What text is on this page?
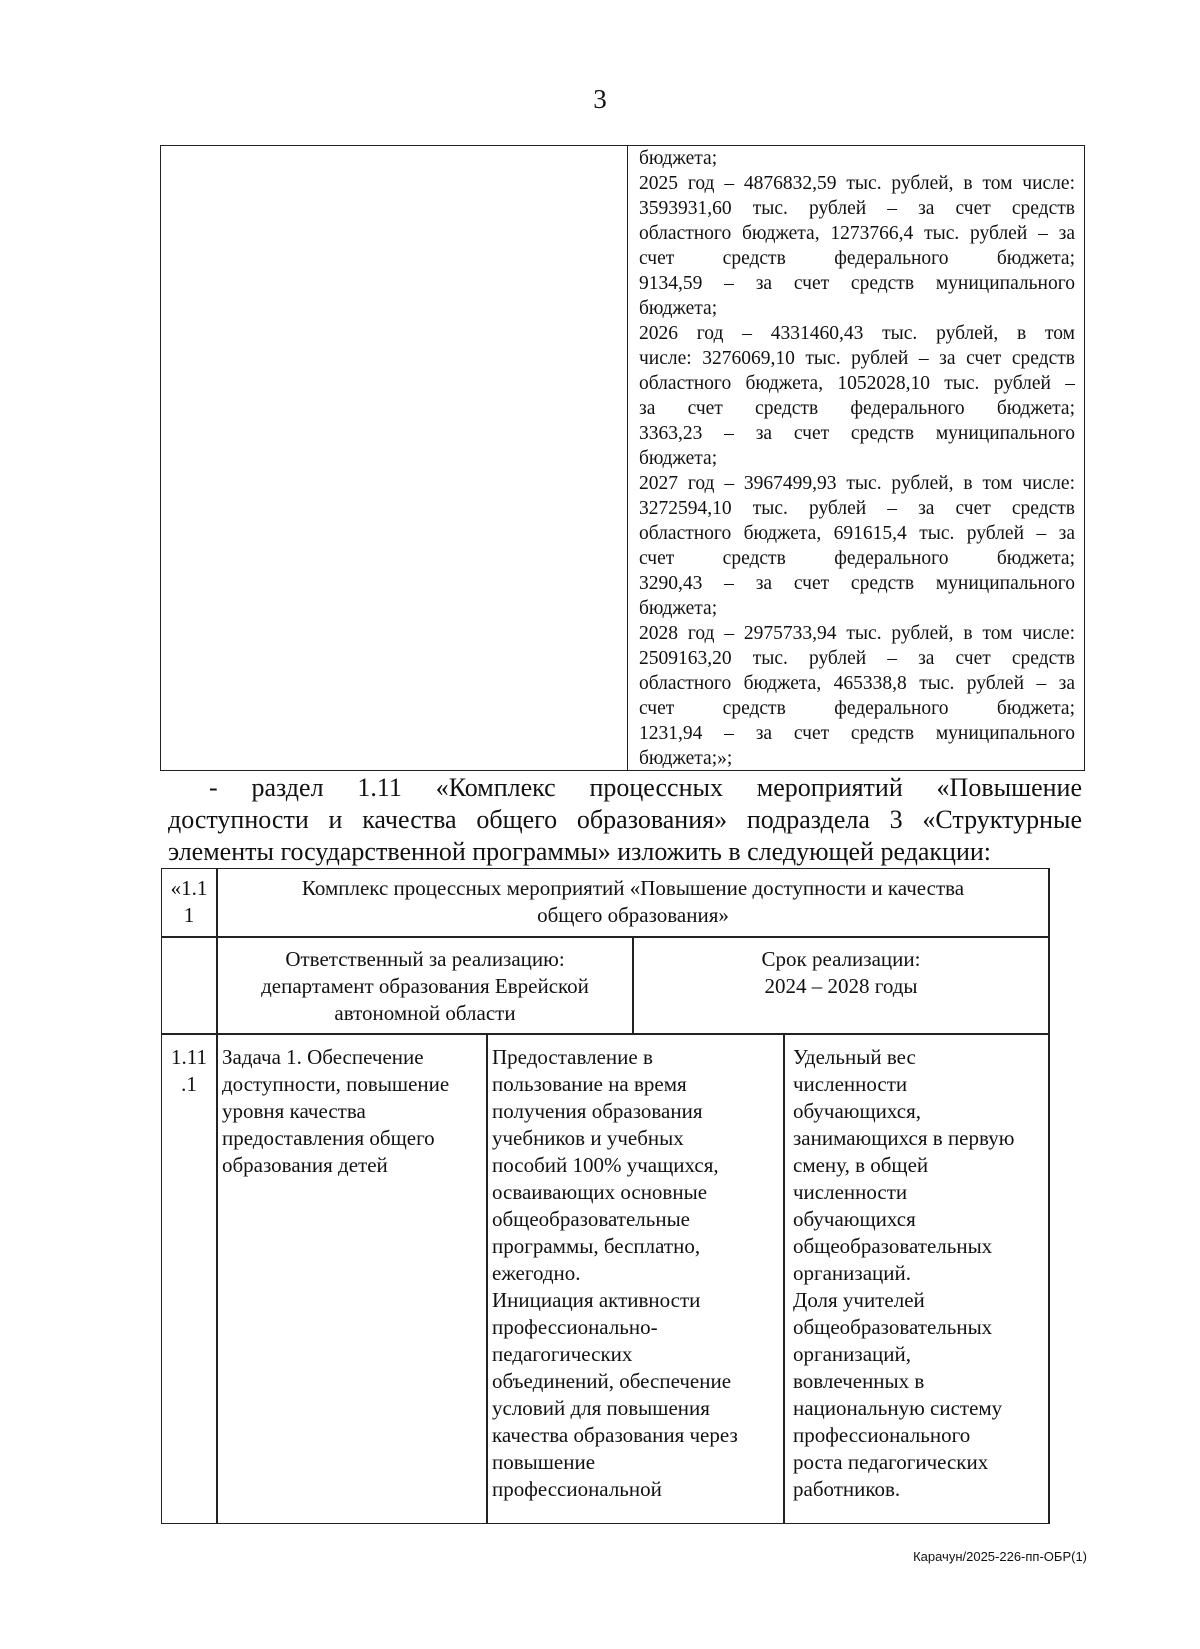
3
бюджета;
2025 год – 4876832,59 тыс. рублей, в том числе:
3593931,60 тыс. рублей – за счет средств
областного бюджета, 1273766,4 тыс. рублей – за
счет средств федерального бюджета;
9134,59 – за счет средств муниципального
бюджета;
2026 год – 4331460,43 тыс. рублей, в том
числе: 3276069,10 тыс. рублей – за счет средств
областного бюджета, 1052028,10 тыс. рублей –
за счет средств федерального бюджета;
3363,23 – за счет средств муниципального
бюджета;
2027 год – 3967499,93 тыс. рублей, в том числе:
3272594,10 тыс. рублей – за счет средств
областного бюджета, 691615,4 тыс. рублей – за
счет средств федерального бюджета;
3290,43 – за счет средств муниципального
бюджета;
2028 год – 2975733,94 тыс. рублей, в том числе:
2509163,20 тыс. рублей – за счет средств
областного бюджета, 465338,8 тыс. рублей – за
счет средств федерального бюджета;
1231,94 – за счет средств муниципального
бюджета;»;
- раздел 1.11 «Комплекс процессных мероприятий «Повышение
доступности и качества общего образования» подраздела 3 «Структурные
элементы государственной программы» изложить в следующей редакции:
«1.1
1
Комплекс процессных мероприятий «Повышение доступности и качества
общего образования»
Ответственный за реализацию:
департамент образования Еврейской
автономной области
Срок реализации:
2024 – 2028 годы
1.11
.1
Задача 1. Обеспечение
доступности, повышение
уровня качества
предоставления общего
образования детей
Предоставление в
пользование на время
получения образования
учебников и учебных
пособий 100% учащихся,
осваивающих основные
общеобразовательные
программы, бесплатно,
ежегодно.
Инициация активности
профессионально-
педагогических
объединений, обеспечение
условий для повышения
качества образования через
повышение
профессиональной
Удельный вес
численности
обучающихся,
занимающихся в первую
смену, в общей
численности
обучающихся
общеобразовательных
организаций.
Доля учителей
общеобразовательных
организаций,
вовлеченных в
национальную систему
профессионального
роста педагогических
работников.
Карачун/2025-226-пп-ОБР(1)
